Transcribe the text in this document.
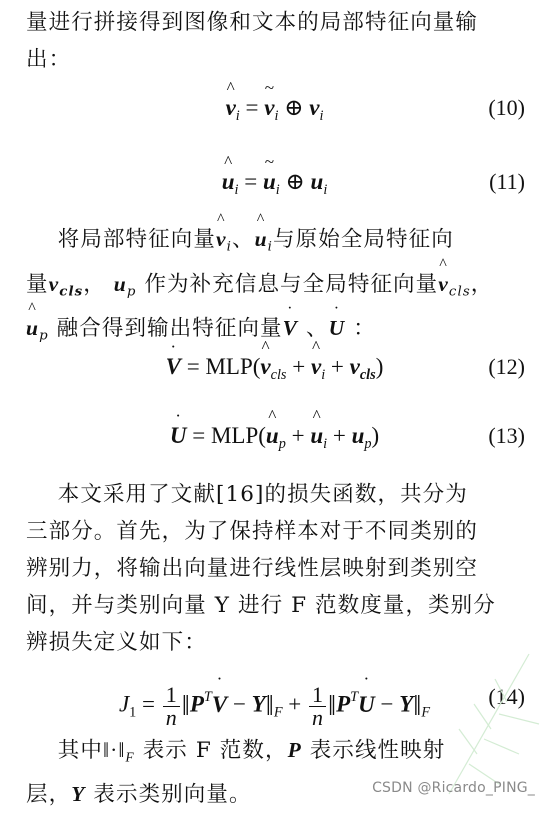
量进行拼接得到图像和文本的局部特征向量输
出：
v
^
$_i$ = v
~
$_i$ ⊕ $v_i$	(10)
u
^
$_i$ = u
~
$_i$ ⊕ $u_i$	(11)
将局部特征向量v
^
$_i$、u
^
$_i$与原始全局特征向
量$v_{cls}$， $u_p$ 作为补充信息与全局特征向量v
^
$_{cls}$，
u
^
$_p$ 融合得到输出特征向量V
·
、U
·
：
V
·
= MLP(v
^
$_{cls}$ + v
^
$_i + v_{cls}$)	(12)
U
·
= MLP(u
^
$_p$ + u
^
$_i + u_p$)	(13)
本文采用了文献[16]的损失函数，共分为
三部分。首先，为了保持样本对于不同类别的
辨别力，将输出向量进行线性层映射到类别空
间，并与类别向量 Y 进行 F 范数度量，类别分
辨损失定义如下：
$J_1 = \frac{1}{n}$ $‖P^TV$
·
− $Y‖_F + \frac{1}{n}$ $‖P^TU$
·
− $Y‖_F$
(14)
其中$‖\cdot‖_F$ 表示 F 范数，P 表示线性映射
层，Y 表示类别向量。	CSDN @Ricardo_PING_
